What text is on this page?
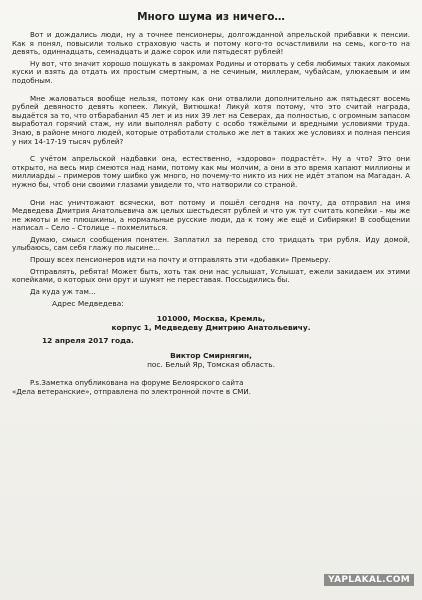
Много шума из ничего…

Вот и дождались люди, ну а точнее пенсионеры, долгожданной апрельской прибавки к пенсии. Как я понял, повысили только страховую часть и потому кого-то осчастливили на семь, кого-то на девять, одиннадцать, семнадцать и даже сорок или пятьдесят рублей!

Ну вот, что значит хорошо пошукать в закромах Родины и оторвать у себя любимых таких лакомых куски и взять да отдать их простым смертным, а не сечиным, миллерам, чубайсам, улюкаевым и им подобным.

Мне жаловаться вообще нельзя, потому как они отвалили дополнительно аж пятьдесят восемь рублей девяносто девять копеек. Ликуй, Витюшка! Ликуй хотя потому, что это считай награда, выдаётся за то, что отбарабанил 45 лет и из них 39 лет на Северах, да полностью, с огромным запасом выработал горячий стаж, ну или выполнял работу с особо тяжёлыми и вредными условиями труда. Знаю, в районе много людей, которые отработали столько же лет в таких же условиях и полная пенсия у них 14-17-19 тысяч рублей?

С учётом апрельской надбавки она, естественно, «здорово» подрастёт». Ну а что? Это они открыто, на весь мир смеются над нами, потому как мы молчим, а они в это время хапают миллионы и миллиарды – примеров тому шибко уж много, но почему-то никто из них не идёт этапом на Магадан. А нужно бы, чтоб они своими глазами увидели то, что натворили со страной.

Они нас уничтожают всячески, вот потому и пошёл сегодня на почту, да отправил на имя Медведева Дмитрия Анатольевича аж целых шестьдесят рублей и что уж тут считать копейки – мы же не жмоты и не плюшкины, а нормальные русские люди, да к тому же ещё и Сибиряки! В сообщении написал – Село – Столице – похмелиться.

Думаю, смысл сообщения понятен. Заплатил за перевод сто тридцать три рубля. Иду домой, улыбаюсь, сам себя глажу по лысине…

Прошу всех пенсионеров идти на почту и отправлять эти «добавки» Премьеру.

Отправлять, ребята! Может быть, хоть так они нас услышат, Услышат, ежели закидаем их этими копейками, о которых они орут и шумят не переставая. Поссыдились бы.

Да куда уж там…

Адрес Медведева:
101000, Москва, Кремль,
корпус 1, Медведеву Дмитрию Анатольевичу.
12 апреля 2017 года.
Виктор Смирнягин,
пос. Белый Яр, Томская область.
P.s.Заметка опубликована на форуме Белоярского сайта
«Дела ветеранские», отправлена по электронной почте в СМИ.
YAPLAKAL.COM
